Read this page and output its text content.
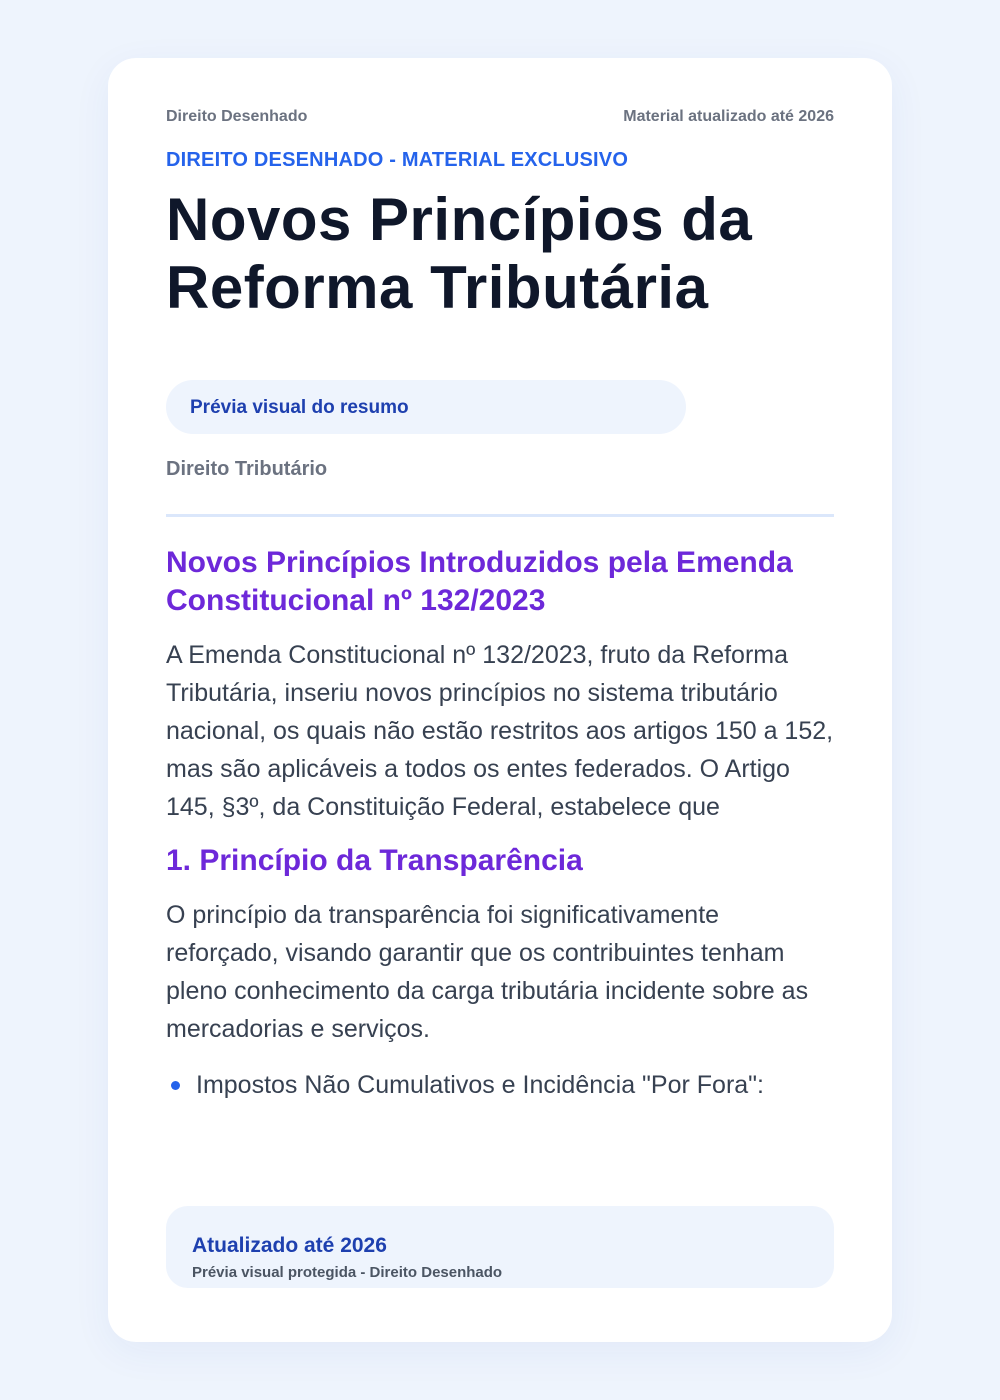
Direito Desenhado	Material atualizado até 2026
DIREITO DESENHADO - MATERIAL EXCLUSIVO
Novos Princípios da Reforma Tributária
Prévia visual do resumo
Direito Tributário
Novos Princípios Introduzidos pela Emenda Constitucional nº 132/2023

A Emenda Constitucional nº 132/2023, fruto da Reforma Tributária, inseriu novos princípios no sistema tributário nacional, os quais não estão restritos aos artigos 150 a 152, mas são aplicáveis a todos os entes federados. O Artigo 145, §3º, da Constituição Federal, estabelece que

1. Princípio da Transparência

O princípio da transparência foi significativamente reforçado, visando garantir que os contribuintes tenham pleno conhecimento da carga tributária incidente sobre as mercadorias e serviços.

Impostos Não Cumulativos e Incidência "Por Fora":
Atualizado até 2026
Prévia visual protegida - Direito Desenhado
